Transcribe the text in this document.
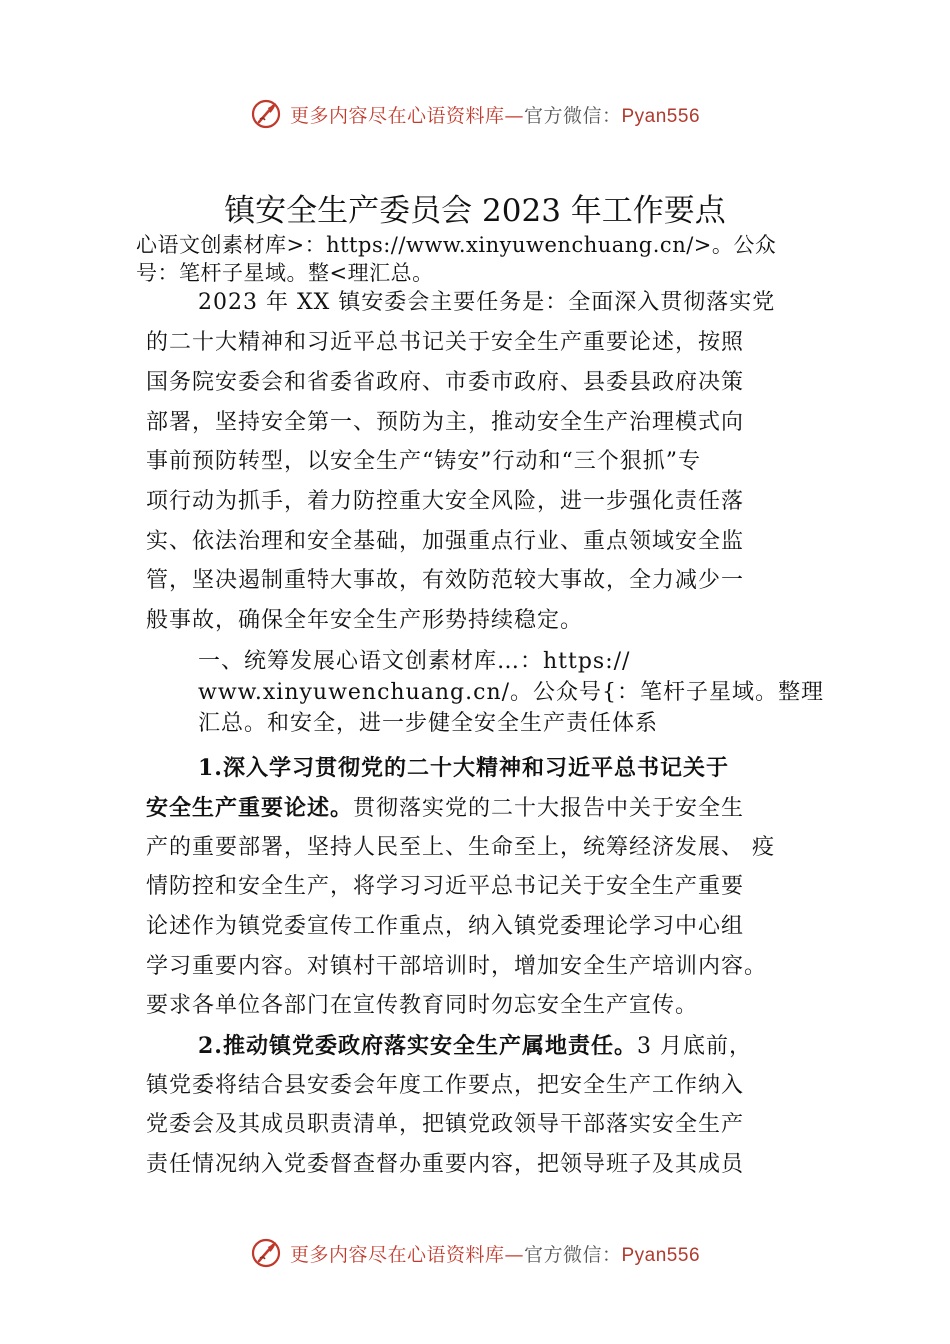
更多内容尽在心语资料库—官方微信：Pyan556
镇安全生产委员会 2023 年工作要点
心语文创素材库>：https://www.xinyuwenchuang.cn/>。公众
号：笔杆子星域。整<理汇总。
2023 年 XX 镇安委会主要任务是：全面深入贯彻落实党
的二十大精神和习近平总书记关于安全生产重要论述，按照
国务院安委会和省委省政府、市委市政府、县委县政府决策
部署，坚持安全第一、预防为主，推动安全生产治理模式向
事前预防转型，以安全生产“铸安”行动和“三个狠抓”专
项行动为抓手，着力防控重大安全风险，进一步强化责任落
实、依法治理和安全基础，加强重点行业、重点领域安全监
管，坚决遏制重特大事故，有效防范较大事故，全力减少一
般事故，确保全年安全生产形势持续稳定。
一、统筹发展心语文创素材库…：https://
www.xinyuwenchuang.cn/。公众号{：笔杆子星域。整理
汇总。和安全，进一步健全安全生产责任体系
1.深入学习贯彻党的二十大精神和习近平总书记关于
安全生产重要论述。贯彻落实党的二十大报告中关于安全生
产的重要部署，坚持人民至上、生命至上，统筹经济发展、 疫
情防控和安全生产，将学习习近平总书记关于安全生产重要
论述作为镇党委宣传工作重点，纳入镇党委理论学习中心组
学习重要内容。对镇村干部培训时，增加安全生产培训内容。
要求各单位各部门在宣传教育同时勿忘安全生产宣传。
2.推动镇党委政府落实安全生产属地责任。3 月底前，
镇党委将结合县安委会年度工作要点，把安全生产工作纳入
党委会及其成员职责清单，把镇党政领导干部落实安全生产
责任情况纳入党委督查督办重要内容，把领导班子及其成员
更多内容尽在心语资料库—官方微信：Pyan556
